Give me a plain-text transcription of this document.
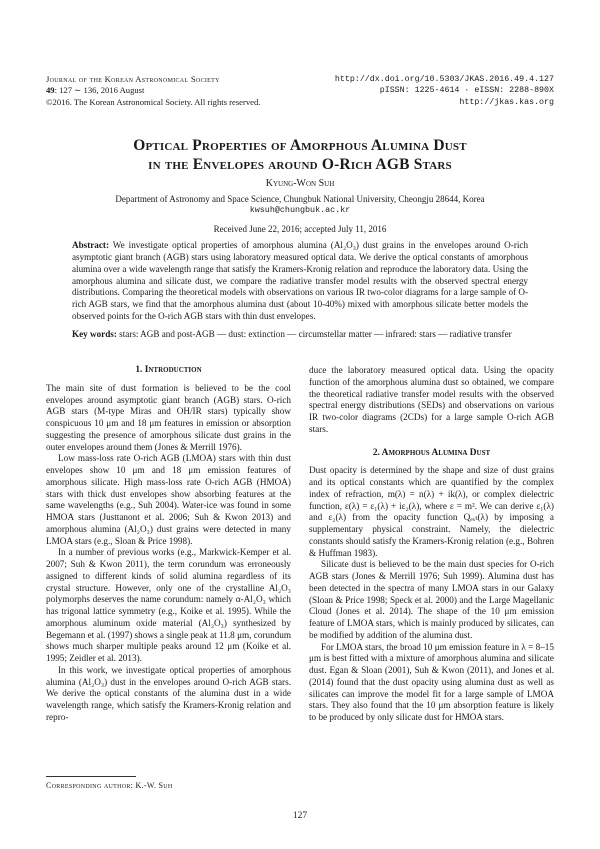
Journal of the Korean Astronomical Society
49: 127 ∼ 136, 2016 August
©2016. The Korean Astronomical Society. All rights reserved.
http://dx.doi.org/10.5303/JKAS.2016.49.4.127
pISSN: 1225-4614 · eISSN: 2288-890X
http://jkas.kas.org
Optical Properties of Amorphous Alumina Dust
in the Envelopes around O-Rich AGB Stars
Kyung-Won Suh
Department of Astronomy and Space Science, Chungbuk National University, Cheongju 28644, Korea
kwsuh@chungbuk.ac.kr
Received June 22, 2016; accepted July 11, 2016
Abstract: We investigate optical properties of amorphous alumina (Al₂O₃) dust grains in the envelopes around O-rich asymptotic giant branch (AGB) stars using laboratory measured optical data. We derive the optical constants of amorphous alumina over a wide wavelength range that satisfy the Kramers-Kronig relation and reproduce the laboratory data. Using the amorphous alumina and silicate dust, we compare the radiative transfer model results with the observed spectral energy distributions. Comparing the theoretical models with observations on various IR two-color diagrams for a large sample of O-rich AGB stars, we find that the amorphous alumina dust (about 10-40%) mixed with amorphous silicate better models the observed points for the O-rich AGB stars with thin dust envelopes.
Key words: stars: AGB and post-AGB — dust: extinction — circumstellar matter — infrared: stars — radiative transfer
1. Introduction

The main site of dust formation is believed to be the cool envelopes around asymptotic giant branch (AGB) stars. O-rich AGB stars (M-type Miras and OH/IR stars) typically show conspicuous 10 μm and 18 μm features in emission or absorption suggesting the presence of amorphous silicate dust grains in the outer envelopes around them (Jones & Merrill 1976).

Low mass-loss rate O-rich AGB (LMOA) stars with thin dust envelopes show 10 μm and 18 μm emission features of amorphous silicate. High mass-loss rate O-rich AGB (HMOA) stars with thick dust envelopes show absorbing features at the same wavelengths (e.g., Suh 2004). Water-ice was found in some HMOA stars (Justtanont et al. 2006; Suh & Kwon 2013) and amorphous alumina (Al₂O₃) dust grains were detected in many LMOA stars (e.g., Sloan & Price 1998).

In a number of previous works (e.g., Markwick-Kemper et al. 2007; Suh & Kwon 2011), the term corundum was erroneously assigned to different kinds of solid alumina regardless of its crystal structure. However, only one of the crystalline Al₂O₃ polymorphs deserves the name corundum: namely α-Al₂O₃ which has trigonal lattice symmetry (e.g., Koike et al. 1995). While the amorphous aluminum oxide material (Al₂O₃) synthesized by Begemann et al. (1997) shows a single peak at 11.8 μm, corundum shows much sharper multiple peaks around 12 μm (Koike et al. 1995; Zeidler et al. 2013).

In this work, we investigate optical properties of amorphous alumina (Al₂O₃) dust in the envelopes around O-rich AGB stars. We derive the optical constants of the alumina dust in a wide wavelength range, which satisfy the Kramers-Kronig relation and repro-

duce the laboratory measured optical data. Using the opacity function of the amorphous alumina dust so obtained, we compare the theoretical radiative transfer model results with the observed spectral energy distributions (SEDs) and observations on various IR two-color diagrams (2CDs) for a large sample O-rich AGB stars.

2. Amorphous Alumina Dust

Dust opacity is determined by the shape and size of dust grains and its optical constants which are quantified by the complex index of refraction, m(λ) = n(λ) + ik(λ), or complex dielectric function, ε(λ) = ε₁(λ) + iε₂(λ), where ε = m². We can derive ε₁(λ) and ε₂(λ) from the opacity function Qₑₓₜ(λ) by imposing a supplementary physical constraint. Namely, the dielectric constants should satisfy the Kramers-Kronig relation (e.g., Bohren & Huffman 1983).

Silicate dust is believed to be the main dust species for O-rich AGB stars (Jones & Merrill 1976; Suh 1999). Alumina dust has been detected in the spectra of many LMOA stars in our Galaxy (Sloan & Price 1998; Speck et al. 2000) and the Large Magellanic Cloud (Jones et al. 2014). The shape of the 10 μm emission feature of LMOA stars, which is mainly produced by silicates, can be modified by addition of the alumina dust.

For LMOA stars, the broad 10 μm emission feature in λ = 8–15 μm is best fitted with a mixture of amorphous alumina and silicate dust. Egan & Sloan (2001), Suh & Kwon (2011), and Jones et al. (2014) found that the dust opacity using alumina dust as well as silicates can improve the model fit for a large sample of LMOA stars. They also found that the 10 μm absorption feature is likely to be produced by only silicate dust for HMOA stars.

Corresponding author: K.-W. Suh
127
